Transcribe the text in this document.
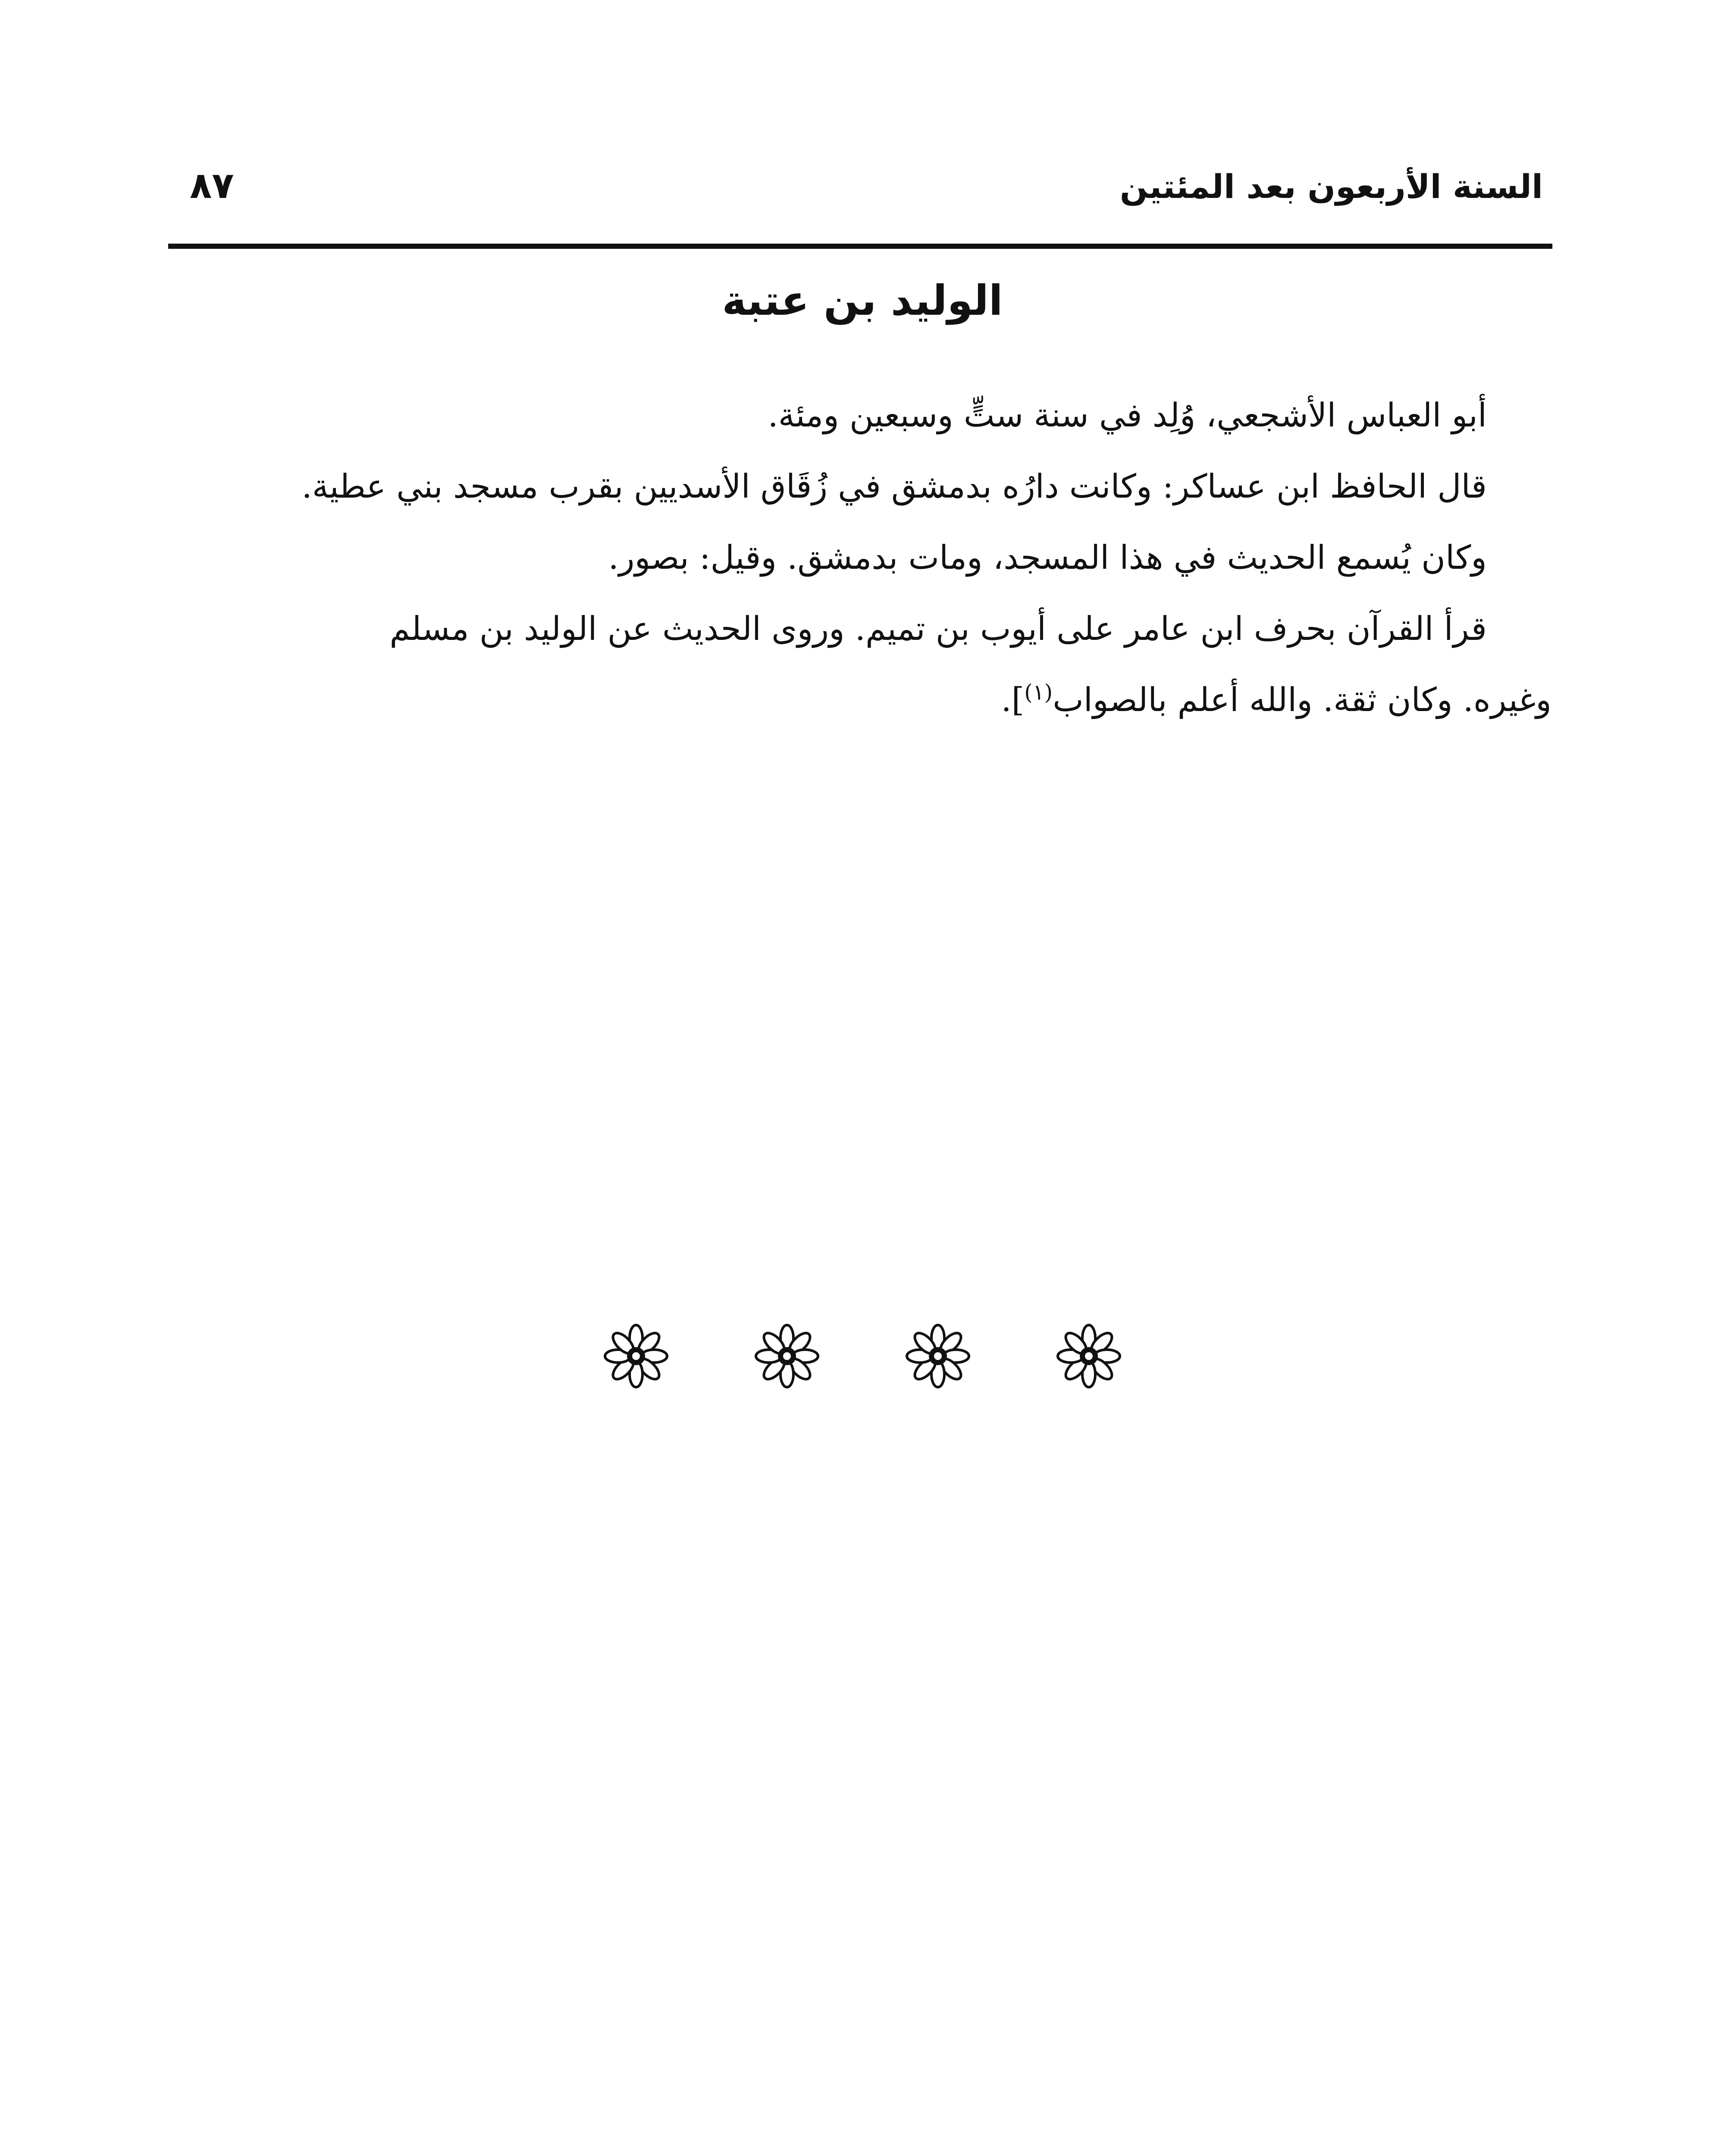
السنة الأربعون بعد المئتين
٨٧
الوليد بن عتبة

أبو العباس الأشجعي، وُلِد في سنة ستٍّ وسبعين ومئة.

قال الحافظ ابن عساكر: وكانت دارُه بدمشق في زُقَاق الأسديين بقرب مسجد بني عطية.

وكان يُسمع الحديث في هذا المسجد، ومات بدمشق. وقيل: بصور.

قرأ القرآن بحرف ابن عامر على أيوب بن تميم. وروى الحديث عن الوليد بن مسلم
وغيره. وكان ثقة. والله أعلم بالصواب$^{(١)}$].
